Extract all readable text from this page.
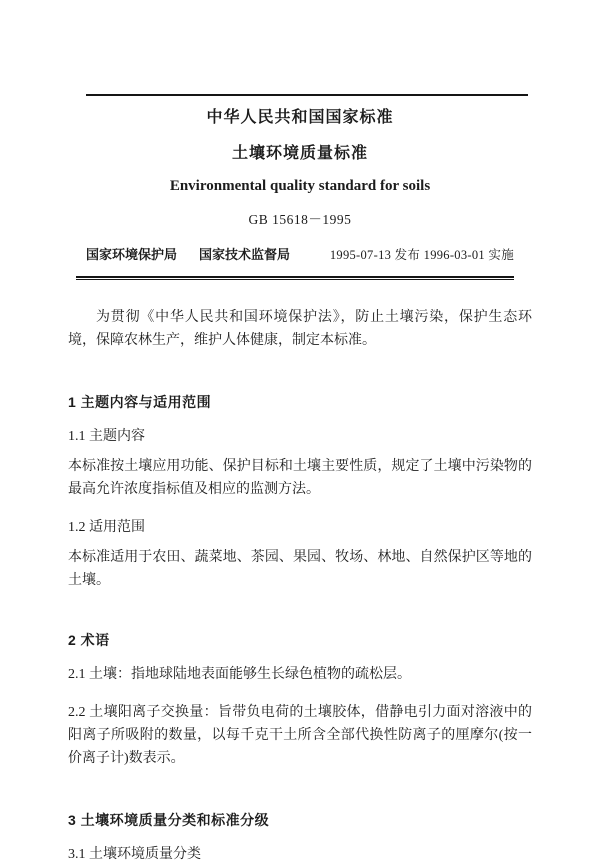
中华人民共和国国家标准
土壤环境质量标准
Environmental quality standard for soils
GB 15618－1995
国家环境保护局 国家技术监督局	1995-07-13 发布 1996-03-01 实施

为贯彻《中华人民共和国环境保护法》，防止土壤污染，保护生态环境，保障农林生产，维护人体健康，制定本标准。

1 主题内容与适用范围
1.1 主题内容

本标准按土壤应用功能、保护目标和土壤主要性质，规定了土壤中污染物的最高允许浓度指标值及相应的监测方法。

1.2 适用范围

本标准适用于农田、蔬菜地、茶园、果园、牧场、林地、自然保护区等地的土壤。

2 术语

2.1 土壤：指地球陆地表面能够生长绿色植物的疏松层。

2.2 土壤阳离子交换量：旨带负电荷的土壤胶体，借静电引力面对溶液中的阳离子所吸附的数量，以每千克干土所含全部代换性防离子的厘摩尔(按一价离子计)数表示。

3 土壤环境质量分类和标准分级
3.1 土壤环境质量分类
